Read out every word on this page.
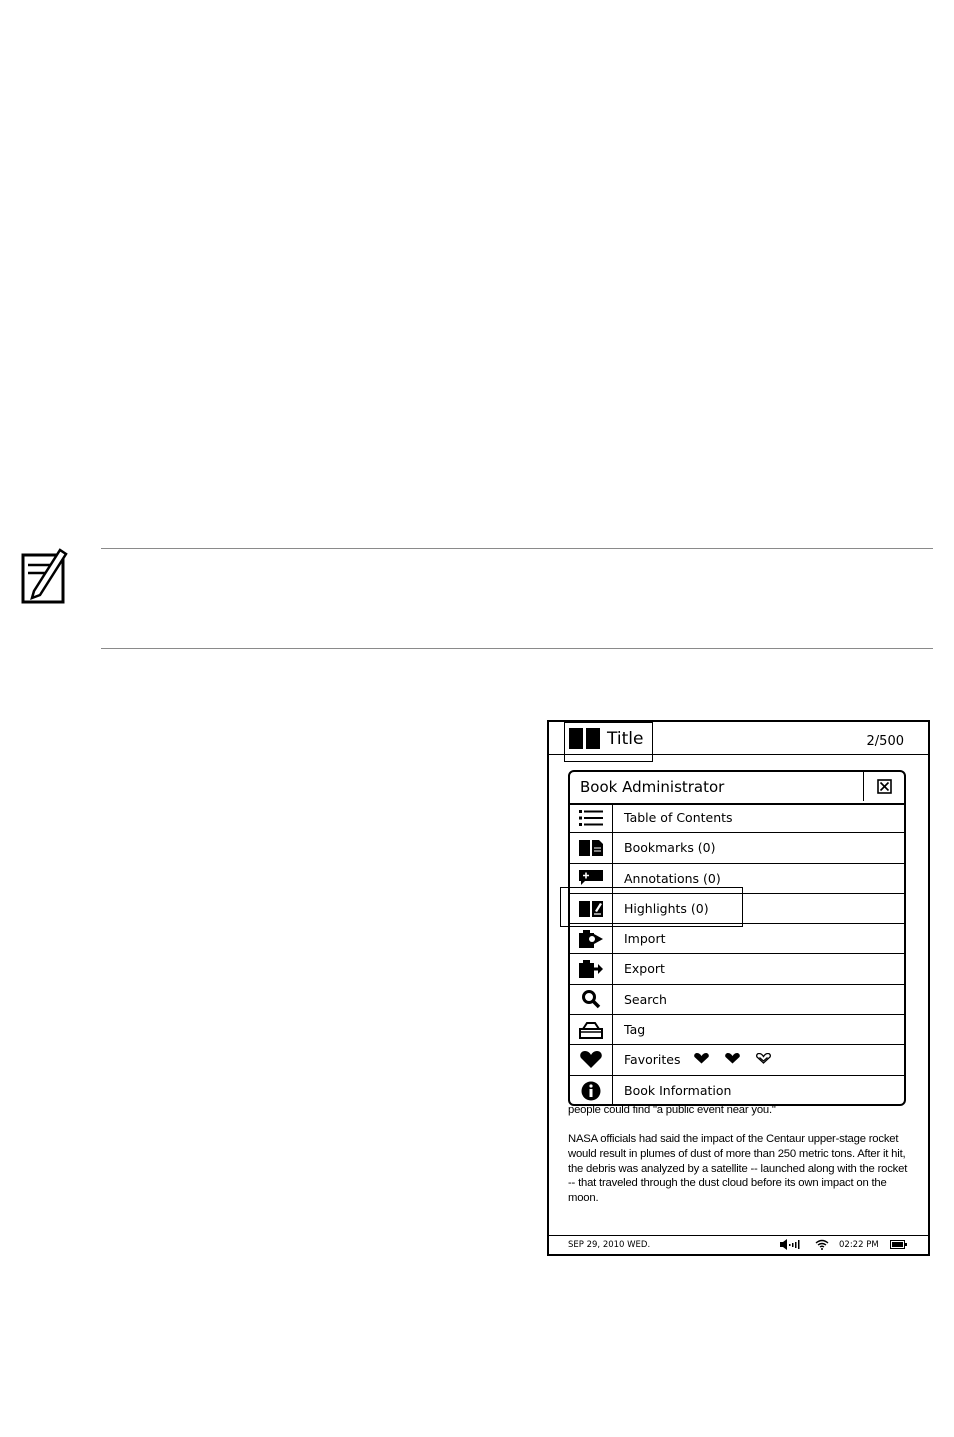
Title	2/500
Book Administrator
Table of Contents
Bookmarks (0)
Annotations (0)
Highlights (0)
Import
Export
Search
Tag
Favorites
Book Information
people could find "a public event near you."
NASA officials had said the impact of the Centaur upper-stage rocket would result in plumes of dust of more than 250 metric tons. After it hit, the debris was analyzed by a satellite -- launched along with the rocket -- that traveled through the dust cloud before its own impact on the moon.
SEP 29, 2010 WED.	02:22 PM
